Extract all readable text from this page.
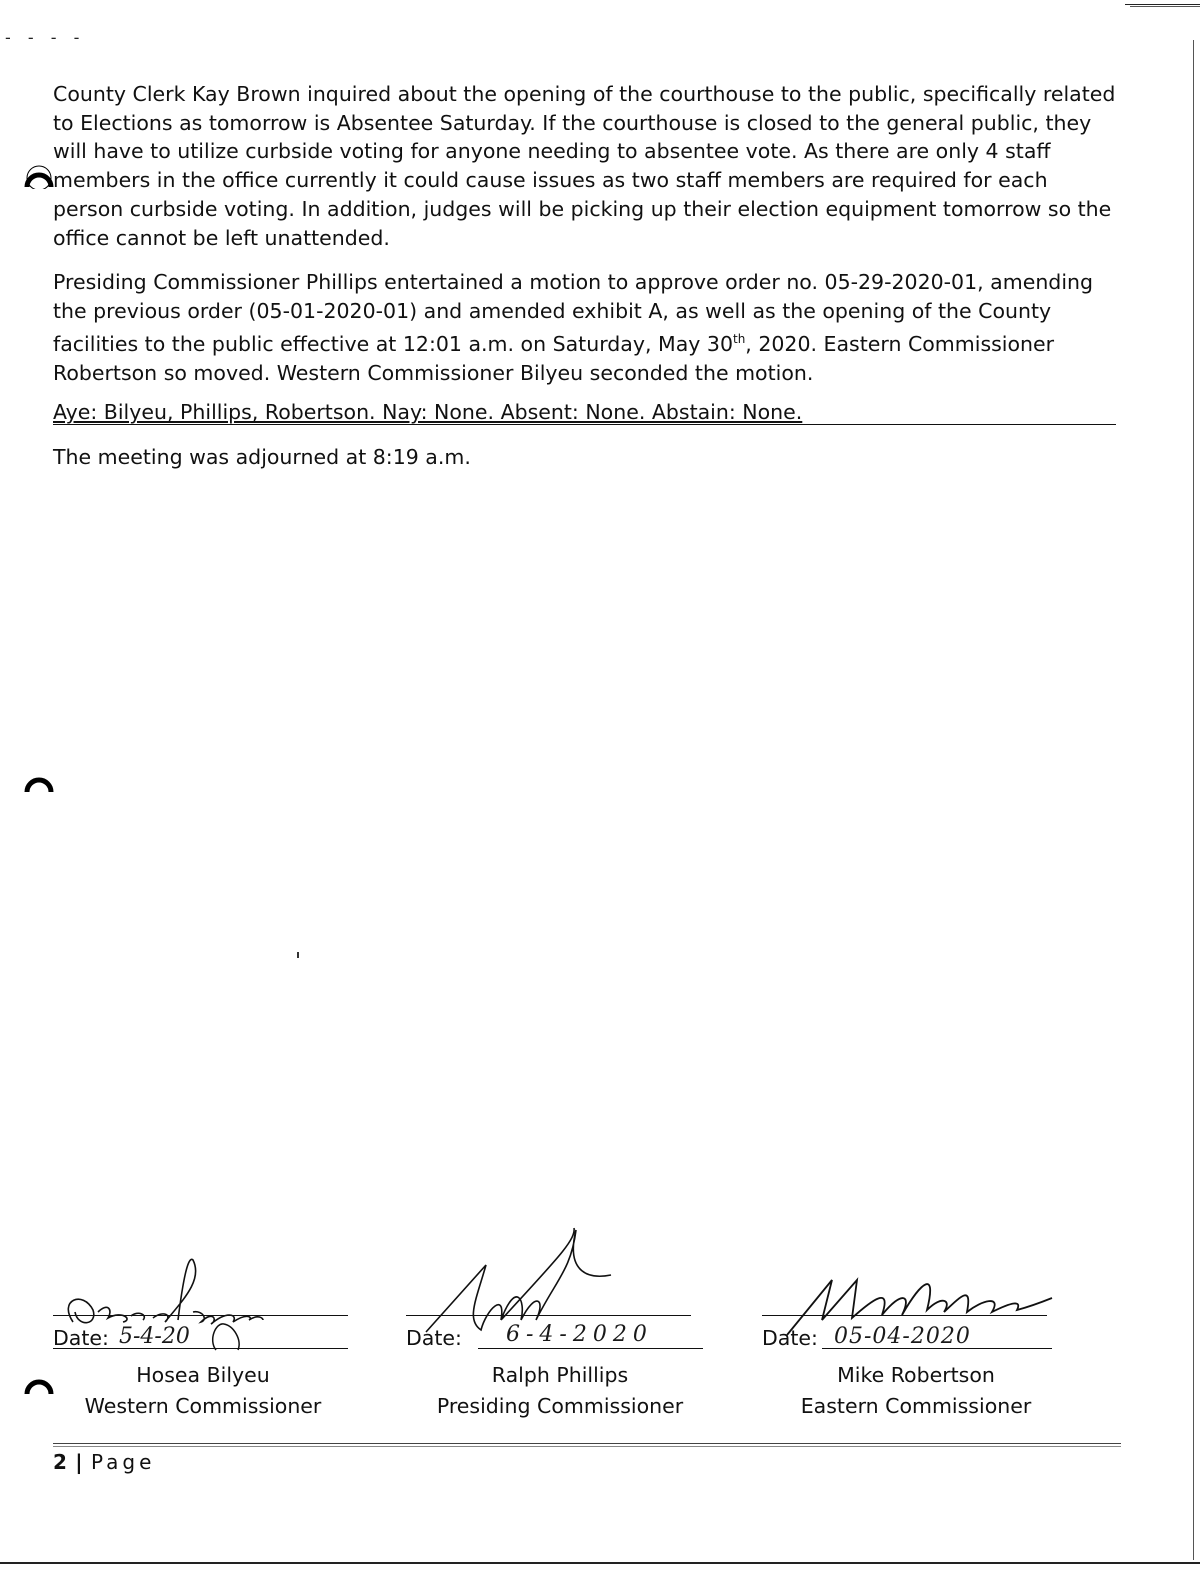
- - - -

County Clerk Kay Brown inquired about the opening of the courthouse to the public, specifically related to Elections as tomorrow is Absentee Saturday. If the courthouse is closed to the general public, they will have to utilize curbside voting for anyone needing to absentee vote. As there are only 4 staff members in the office currently it could cause issues as two staff members are required for each person curbside voting. In addition, judges will be picking up their election equipment tomorrow so the office cannot be left unattended.

Presiding Commissioner Phillips entertained a motion to approve order no. 05-29-2020-01, amending the previous order (05-01-2020-01) and amended exhibit A, as well as the opening of the County facilities to the public effective at 12:01 a.m. on Saturday, May 30th, 2020. Eastern Commissioner Robertson so moved. Western Commissioner Bilyeu seconded the motion.

Aye: Bilyeu, Phillips, Robertson. Nay: None. Absent: None. Abstain: None.
The meeting was adjourned at 8:19 a.m.
Date: 5-4-20
Hosea Bilyeu
Western Commissioner
Date: 6-4-2020
Ralph Phillips
Presiding Commissioner
Date: 05-04-2020
Mike Robertson
Eastern Commissioner
2 | Page
